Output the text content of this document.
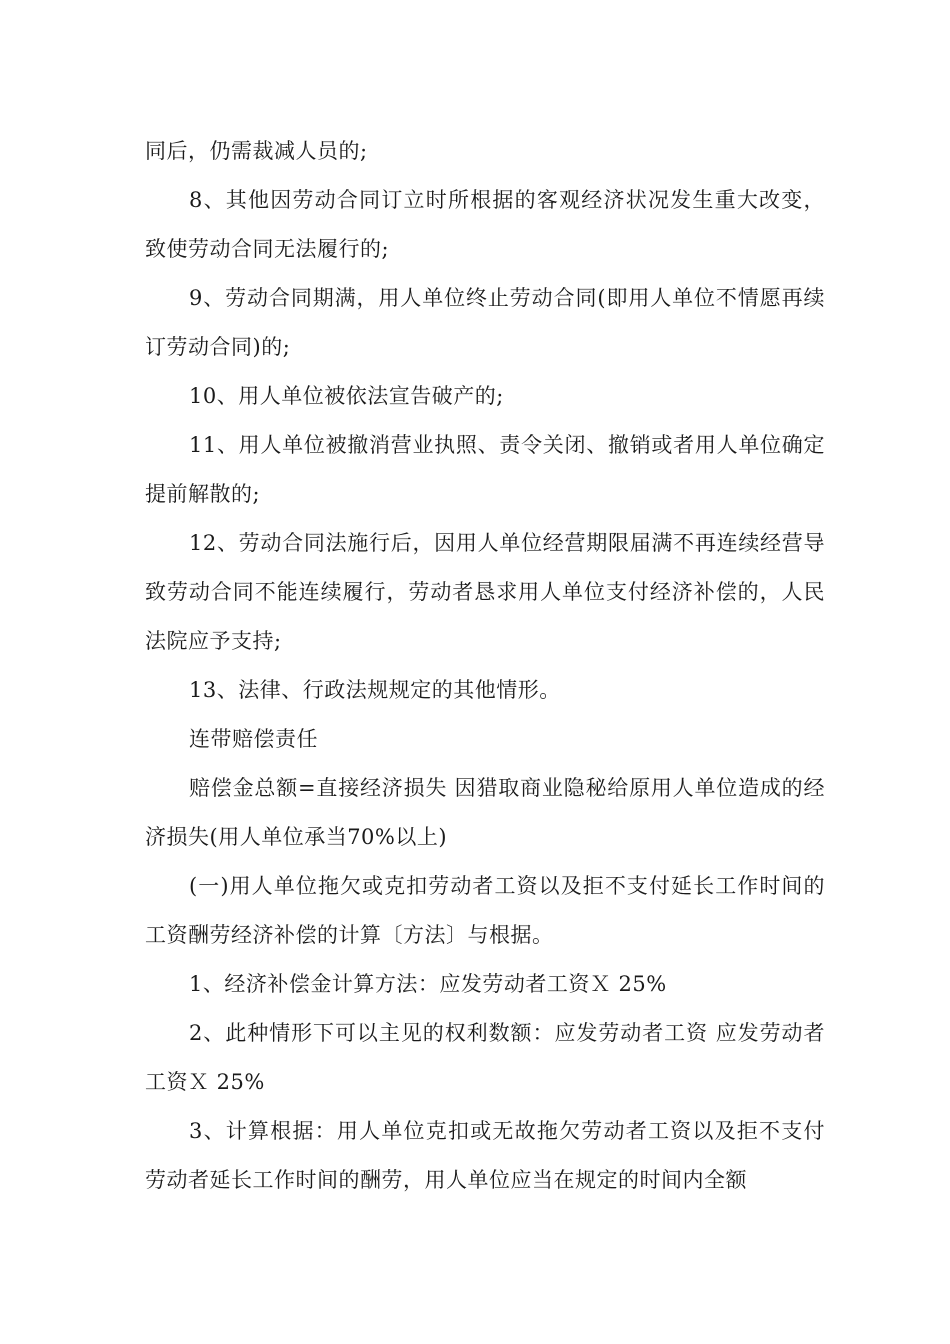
同后，仍需裁减人员的;

8、其他因劳动合同订立时所根据的客观经济状况发生重大改变，致使劳动合同无法履行的;

9、劳动合同期满，用人单位终止劳动合同(即用人单位不情愿再续订劳动合同)的;

10、用人单位被依法宣告破产的;

11、用人单位被撤消营业执照、责令关闭、撤销或者用人单位确定提前解散的;

12、劳动合同法施行后，因用人单位经营期限届满不再连续经营导致劳动合同不能连续履行，劳动者恳求用人单位支付经济补偿的，人民法院应予支持;

13、法律、行政法规规定的其他情形。

连带赔偿责任

赔偿金总额=直接经济损失 因猎取商业隐秘给原用人单位造成的经济损失(用人单位承当70%以上)

(一)用人单位拖欠或克扣劳动者工资以及拒不支付延长工作时间的工资酬劳经济补偿的计算〔方法〕与根据。

1、经济补偿金计算方法：应发劳动者工资Ｘ 25%

2、此种情形下可以主见的权利数额：应发劳动者工资 应发劳动者工资Ｘ 25%

3、计算根据：用人单位克扣或无故拖欠劳动者工资以及拒不支付劳动者延长工作时间的酬劳，用人单位应当在规定的时间内全额
